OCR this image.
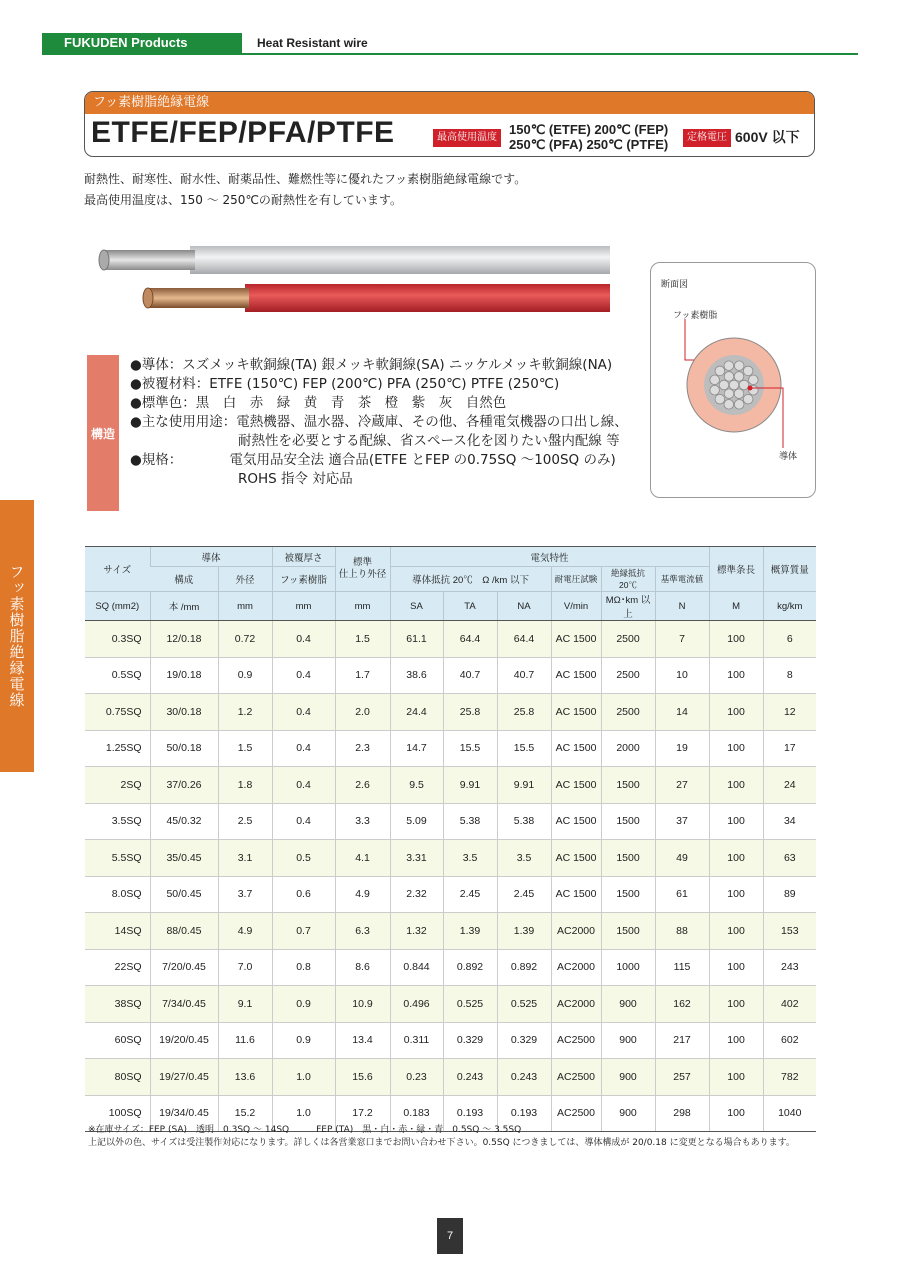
FUKUDEN Products CATALOG
Heat Resistant wire
フッ素樹脂絶縁電線
ETFE/FEP/PFA/PTFE	最高使用温度
150℃ (ETFE) 200℃ (FEP)
250℃ (PFA) 250℃ (PTFE)	定格電圧 600V 以下
耐熱性、耐寒性、耐水性、耐薬品性、難燃性等に優れたフッ素樹脂絶縁電線です。
最高使用温度は、150 ～ 250℃の耐熱性を有しています。
断面図
フッ素樹脂
導体
構造
●導体：スズメッキ軟銅線(TA) 銀メッキ軟銅線(SA) ニッケルメッキ軟銅線(NA)
●被覆材料：ETFE (150℃) FEP (200℃) PFA (250℃) PTFE (250℃)
●標準色：黒　白　赤　緑　黄　青　茶　橙　紫　灰　自然色
●主な使用用途：電熱機器、温水器、冷蔵庫、その他、各種電気機器の口出し線、
　　　　　　　　耐熱性を必要とする配線、省スペース化を図りたい盤内配線 等
●規格：　　　　電気用品安全法 適合品(ETFE とFEP の0.75SQ ～100SQ のみ)
　　　　　　　　ROHS 指令 対応品
フッ素樹脂絶縁電線	サイズ	導体		被覆厚さ	標準
仕上り外径	電気特性						標準条長	概算質量
	構成	外径	フッ素樹脂		導体抵抗 20℃　Ω /km 以下			耐電圧試験	絶縁抵抗 20℃	基準電流値		
SQ (mm2)	本 /mm	mm	mm	mm	SA	TA	NA	V/min	MΩ･km 以上	N	M	kg/km
0.3SQ	12/0.18	0.72	0.4	1.5	61.1	64.4	64.4	AC 1500	2500	7	100	6
0.5SQ	19/0.18	0.9	0.4	1.7	38.6	40.7	40.7	AC 1500	2500	10	100	8
0.75SQ	30/0.18	1.2	0.4	2.0	24.4	25.8	25.8	AC 1500	2500	14	100	12
1.25SQ	50/0.18	1.5	0.4	2.3	14.7	15.5	15.5	AC 1500	2000	19	100	17
2SQ	37/0.26	1.8	0.4	2.6	9.5	9.91	9.91	AC 1500	1500	27	100	24
3.5SQ	45/0.32	2.5	0.4	3.3	5.09	5.38	5.38	AC 1500	1500	37	100	34
5.5SQ	35/0.45	3.1	0.5	4.1	3.31	3.5	3.5	AC 1500	1500	49	100	63
8.0SQ	50/0.45	3.7	0.6	4.9	2.32	2.45	2.45	AC 1500	1500	61	100	89
14SQ	88/0.45	4.9	0.7	6.3	1.32	1.39	1.39	AC2000	1500	88	100	153
22SQ	7/20/0.45	7.0	0.8	8.6	0.844	0.892	0.892	AC2000	1000	115	100	243
38SQ	7/34/0.45	9.1	0.9	10.9	0.496	0.525	0.525	AC2000	900	162	100	402
60SQ	19/20/0.45	11.6	0.9	13.4	0.311	0.329	0.329	AC2500	900	217	100	602
80SQ	19/27/0.45	13.6	1.0	15.6	0.23	0.243	0.243	AC2500	900	257	100	782
100SQ	19/34/0.45	15.2	1.0	17.2	0.183	0.193	0.193	AC2500	900	298	100	1040
※在庫サイズ：FEP (SA)　透明　0.3SQ ～ 14SQ　　　FEP (TA)　黒・白・赤・緑・青　0.5SQ ～ 3.5SQ
上記以外の色、サイズは受注製作対応になります。詳しくは各営業窓口までお問い合わせ下さい。0.5SQ につきましては、導体構成が 20/0.18 に変更となる場合もあります。
7
